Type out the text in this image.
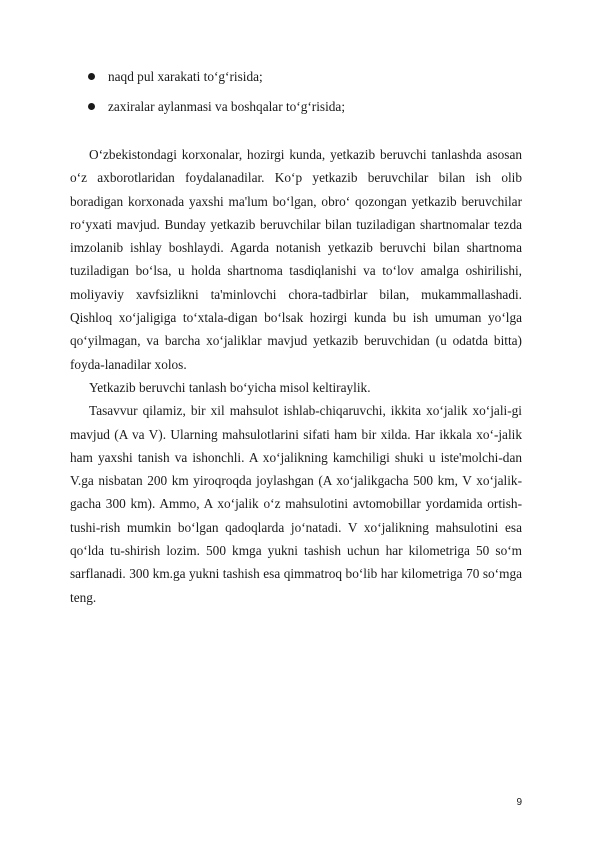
naqd pul xarakati to‘g‘risida;
zaxiralar aylanmasi va boshqalar to‘g‘risida;

O‘zbekistondagi korxonalar, hozirgi kunda, yetkazib beruvchi tanlashda asosan o‘z axborotlaridan foydalanadilar. Ko‘p yetkazib beruvchilar bilan ish olib boradigan korxonada yaxshi ma'lum bo‘lgan, obro‘ qozongan yetkazib beruvchilar ro‘yxati mavjud. Bunday yetkazib beruvchilar bilan tuziladigan shartnomalar tezda imzolanib ishlay boshlaydi. Agarda notanish yetkazib beruvchi bilan shartnoma tuziladigan bo‘lsa, u holda shartnoma tasdiqlanishi va to‘lov amalga oshirilishi, moliyaviy xavfsizlikni ta'minlovchi chora-tadbirlar bilan, mukammallashadi. Qishloq xo‘jaligiga to‘xtala-digan bo‘lsak hozirgi kunda bu ish umuman yo‘lga qo‘yilmagan, va barcha xo‘jaliklar mavjud yetkazib beruvchidan (u odatda bitta) foyda-lanadilar xolos.

Yetkazib beruvchi tanlash bo‘yicha misol keltiraylik.

Tasavvur qilamiz, bir xil mahsulot ishlab-chiqaruvchi, ikkita xo‘jalik xo‘jali-gi mavjud (A va V). Ularning mahsulotlarini sifati ham bir xilda. Har ikkala xo‘-jalik ham yaxshi tanish va ishonchli. A xo‘jalikning kamchiligi shuki u iste'molchi-dan V.ga nisbatan 200 km yiroqroqda joylashgan (A xo‘jalikgacha 500 km, V xo‘jalik-gacha 300 km). Ammo, A xo‘jalik o‘z mahsulotini avtomobillar yordamida ortish-tushi-rish mumkin bo‘lgan qadoqlarda jo‘natadi. V xo‘jalikning mahsulotini esa qo‘lda tu-shirish lozim. 500 kmga yukni tashish uchun har kilometriga 50 so‘m sarflanadi. 300 km.ga yukni tashish esa qimmatroq bo‘lib har kilometriga 70 so‘mga teng.

9
